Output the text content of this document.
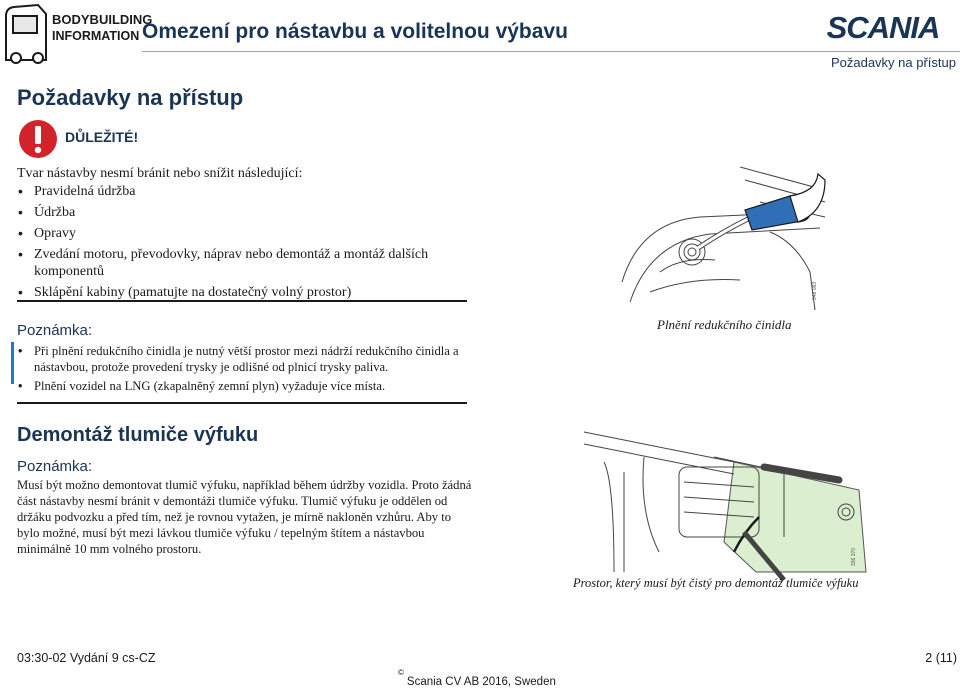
BODYBUILDING
INFORMATION Omezení pro nástavbu a volitelnou výbavu	SCANIA
Požadavky na přístup
Požadavky na přístup
DŮLEŽITÉ!
Tvar nástavby nesmí bránit nebo snížit následující:
• Pravidelná údržba
• Údržba
• Opravy
• Zvedání motoru, převodovky, náprav nebo demontáž a montáž dalších komponentů
• Sklápění kabiny (pamatujte na dostatečný volný prostor)
Poznámka:
• Při plnění redukčního činidla je nutný větší prostor mezi nádrží redukčního činidla a nástavbou, protože provedení trysky je odlišné od plnicí trysky paliva.
• Plnění vozidel na LNG (zkapalněný zemní plyn) vyžaduje více místa.
348 083
Plnění redukčního činidla
Demontáž tlumiče výfuku
Poznámka:

Musí být možno demontovat tlumič výfuku, například během údržby vozidla. Proto žádná část nástavby nesmí bránit v demontáži tlumiče výfuku. Tlumič výfuku je oddělen od držáku podvozku a před tím, než je rovnou vytažen, je mírně nakloněn vzhůru. Aby to bylo možné, musí být mezi lávkou tlumiče výfuku / tepelným štítem a nástavbou minimálně 10 mm volného prostoru.	336 370
Prostor, který musí být čistý pro demontáž tlumiče výfuku
03:30-02 Vydání 9 cs-CZ	2 (11)
©Scania CV AB 2016, Sweden
